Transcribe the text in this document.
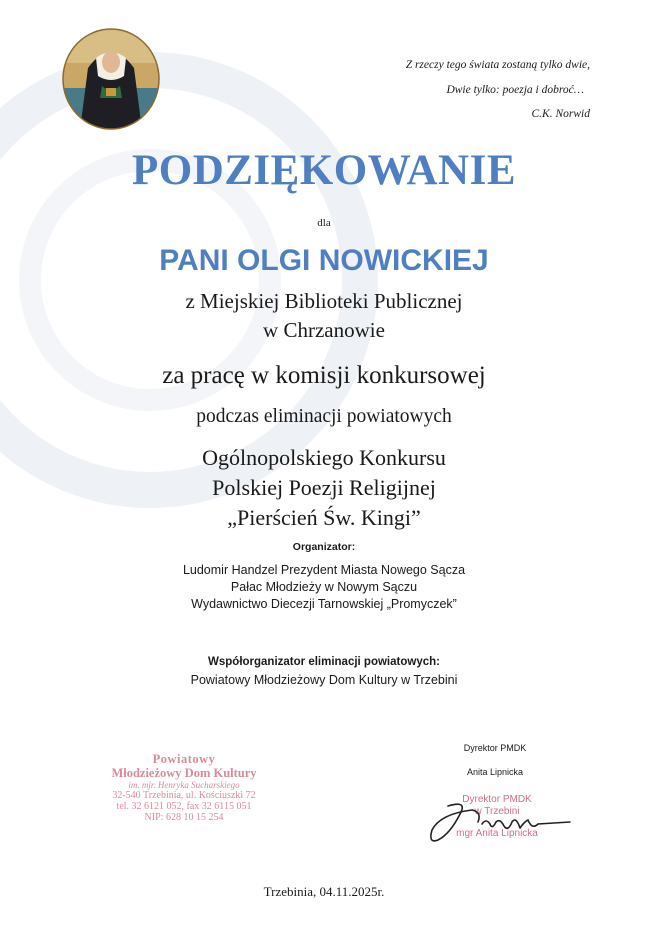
Z rzeczy tego świata zostaną tylko dwie,
Dwie tylko: poezja i dobroć…
C.K. Norwid
PODZIĘKOWANIE
dla
PANI OLGI NOWICKIEJ
z Miejskiej Biblioteki Publicznej
w Chrzanowie
za pracę w komisji konkursowej
podczas eliminacji powiatowych
Ogólnopolskiego Konkursu
Polskiej Poezji Religijnej
„Pierścień Św. Kingi”
Organizator:
Ludomir Handzel Prezydent Miasta Nowego Sącza
Pałac Młodzieży w Nowym Sączu
Wydawnictwo Diecezji Tarnowskiej „Promyczek”
Współorganizator eliminacji powiatowych:
Powiatowy Młodzieżowy Dom Kultury w Trzebini
Powiatowy
Młodzieżowy Dom Kultury
im. mjr. Henryka Sucharskiego
32-540 Trzebinia, ul. Kościuszki 72
tel. 32 6121 052, fax 32 6115 051
NIP: 628 10 15 254
Dyrektor PMDK
Anita Lipnicka
Dyrektor PMDK
w Trzebini
mgr Anita Lipnicka
Trzebinia, 04.11.2025r.
